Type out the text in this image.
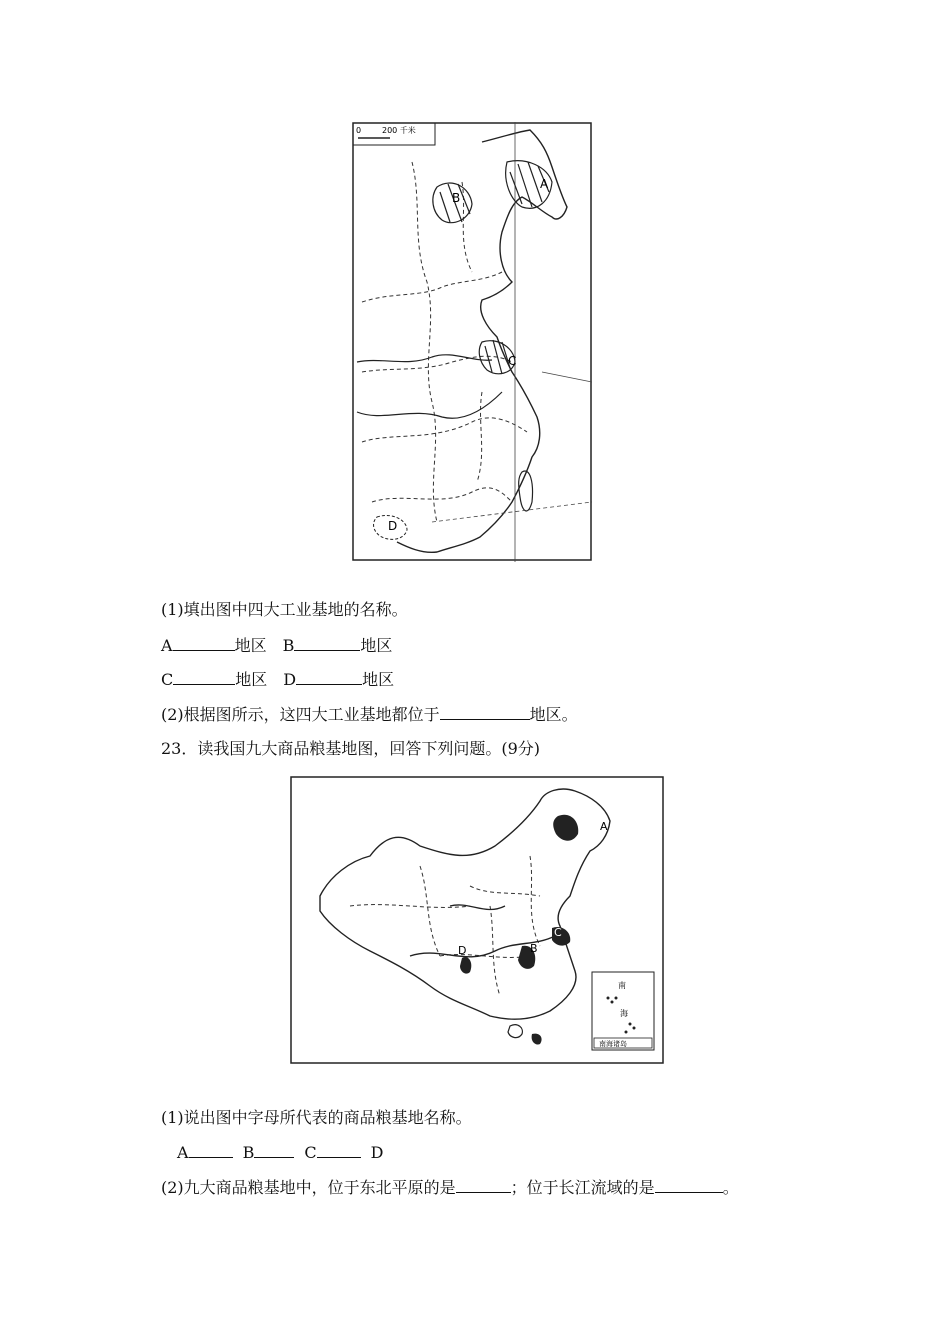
0	200 千米
A
B
C
D
(1)填出图中四大工业基地的名称。
A	地区 B	地区
C	地区 D	地区
(2)根据图所示，这四大工业基地都位于	地区。
23．读我国九大商品粮基地图，回答下列问题。(9分)
A
B
C
D
南
海
南海诸岛
(1)说出图中字母所代表的商品粮基地名称。
A	B	C	D
(2)九大商品粮基地中，位于东北平原的是	；位于长江流域的是	。
